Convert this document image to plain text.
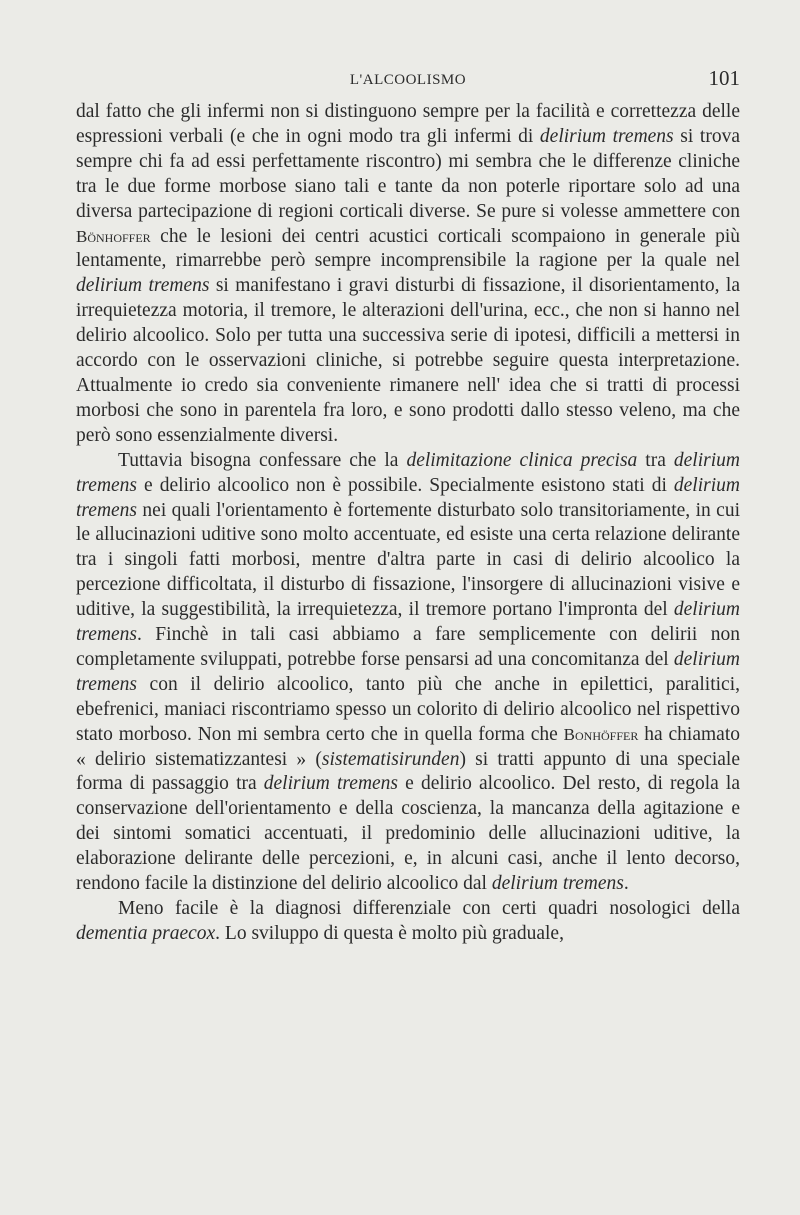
L'ALCOOLISMO	101

dal fatto che gli infermi non si distinguono sempre per la facilità e correttezza delle espressioni verbali (e che in ogni modo tra gli infermi di delirium tremens si trova sempre chi fa ad essi perfettamente riscontro) mi sembra che le differenze cliniche tra le due forme morbose siano tali e tante da non poterle riportare solo ad una diversa partecipazione di regioni corticali diverse. Se pure si volesse ammettere con Bönhoffer che le lesioni dei centri acustici corticali scompaiono in generale più lentamente, rimarrebbe però sempre incomprensibile la ragione per la quale nel delirium tremens si manifestano i gravi disturbi di fissazione, il disorientamento, la irrequietezza motoria, il tremore, le alterazioni dell'urina, ecc., che non si hanno nel delirio alcoolico. Solo per tutta una successiva serie di ipotesi, difficili a mettersi in accordo con le osservazioni cliniche, si potrebbe seguire questa interpretazione. Attualmente io credo sia conveniente rimanere nell' idea che si tratti di processi morbosi che sono in parentela fra loro, e sono prodotti dallo stesso veleno, ma che però sono essenzialmente diversi.

Tuttavia bisogna confessare che la delimitazione clinica precisa tra delirium tremens e delirio alcoolico non è possibile. Specialmente esistono stati di delirium tremens nei quali l'orientamento è fortemente disturbato solo transitoriamente, in cui le allucinazioni uditive sono molto accentuate, ed esiste una certa relazione delirante tra i singoli fatti morbosi, mentre d'altra parte in casi di delirio alcoolico la percezione difficoltata, il disturbo di fissazione, l'insorgere di allucinazioni visive e uditive, la suggestibilità, la irrequietezza, il tremore portano l'impronta del delirium tremens. Finchè in tali casi abbiamo a fare semplicemente con delirii non completamente sviluppati, potrebbe forse pensarsi ad una concomitanza del delirium tremens con il delirio alcoolico, tanto più che anche in epilettici, paralitici, ebefrenici, maniaci riscontriamo spesso un colorito di delirio alcoolico nel rispettivo stato morboso. Non mi sembra certo che in quella forma che Bonhöffer ha chiamato « delirio sistematizzantesi » (sistematisirunden) si tratti appunto di una speciale forma di passaggio tra delirium tremens e delirio alcoolico. Del resto, di regola la conservazione dell'orientamento e della coscienza, la mancanza della agitazione e dei sintomi somatici accentuati, il predominio delle allucinazioni uditive, la elaborazione delirante delle percezioni, e, in alcuni casi, anche il lento decorso, rendono facile la distinzione del delirio alcoolico dal delirium tremens.

Meno facile è la diagnosi differenziale con certi quadri nosologici della dementia praecox. Lo sviluppo di questa è molto più graduale,
